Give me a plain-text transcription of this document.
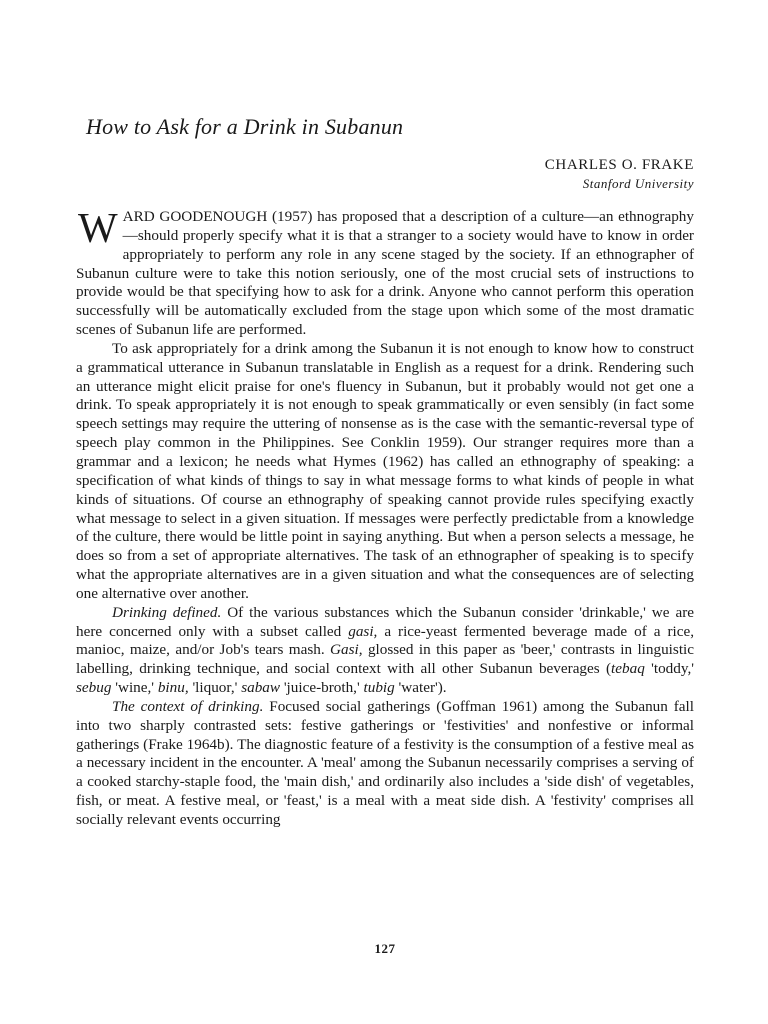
How to Ask for a Drink in Subanun
CHARLES O. FRAKE
Stanford University

WARD GOODENOUGH (1957) has proposed that a description of a culture—an ethnography—should properly specify what it is that a stranger to a society would have to know in order appropriately to perform any role in any scene staged by the society. If an ethnographer of Subanun culture were to take this notion seriously, one of the most crucial sets of instructions to provide would be that specifying how to ask for a drink. Anyone who cannot perform this operation successfully will be automatically excluded from the stage upon which some of the most dramatic scenes of Subanun life are performed.

To ask appropriately for a drink among the Subanun it is not enough to know how to construct a grammatical utterance in Subanun translatable in English as a request for a drink. Rendering such an utterance might elicit praise for one's fluency in Subanun, but it probably would not get one a drink. To speak appropriately it is not enough to speak grammatically or even sensibly (in fact some speech settings may require the uttering of nonsense as is the case with the semantic-reversal type of speech play common in the Philippines. See Conklin 1959). Our stranger requires more than a grammar and a lexicon; he needs what Hymes (1962) has called an ethnography of speaking: a specification of what kinds of things to say in what message forms to what kinds of people in what kinds of situations. Of course an ethnography of speaking cannot provide rules specifying exactly what message to select in a given situation. If messages were perfectly predictable from a knowledge of the culture, there would be little point in saying anything. But when a person selects a message, he does so from a set of appropriate alternatives. The task of an ethnographer of speaking is to specify what the appropriate alternatives are in a given situation and what the consequences are of selecting one alternative over another.

Drinking defined. Of the various substances which the Subanun consider 'drinkable,' we are here concerned only with a subset called gasi, a rice-yeast fermented beverage made of a rice, manioc, maize, and/or Job's tears mash. Gasi, glossed in this paper as 'beer,' contrasts in linguistic labelling, drinking technique, and social context with all other Subanun beverages (tebaq 'toddy,' sebug 'wine,' binu, 'liquor,' sabaw 'juice-broth,' tubig 'water').

The context of drinking. Focused social gatherings (Goffman 1961) among the Subanun fall into two sharply contrasted sets: festive gatherings or 'festivities' and nonfestive or informal gatherings (Frake 1964b). The diagnostic feature of a festivity is the consumption of a festive meal as a necessary incident in the encounter. A 'meal' among the Subanun necessarily comprises a serving of a cooked starchy-staple food, the 'main dish,' and ordinarily also includes a 'side dish' of vegetables, fish, or meat. A festive meal, or 'feast,' is a meal with a meat side dish. A 'festivity' comprises all socially relevant events occurring

127
